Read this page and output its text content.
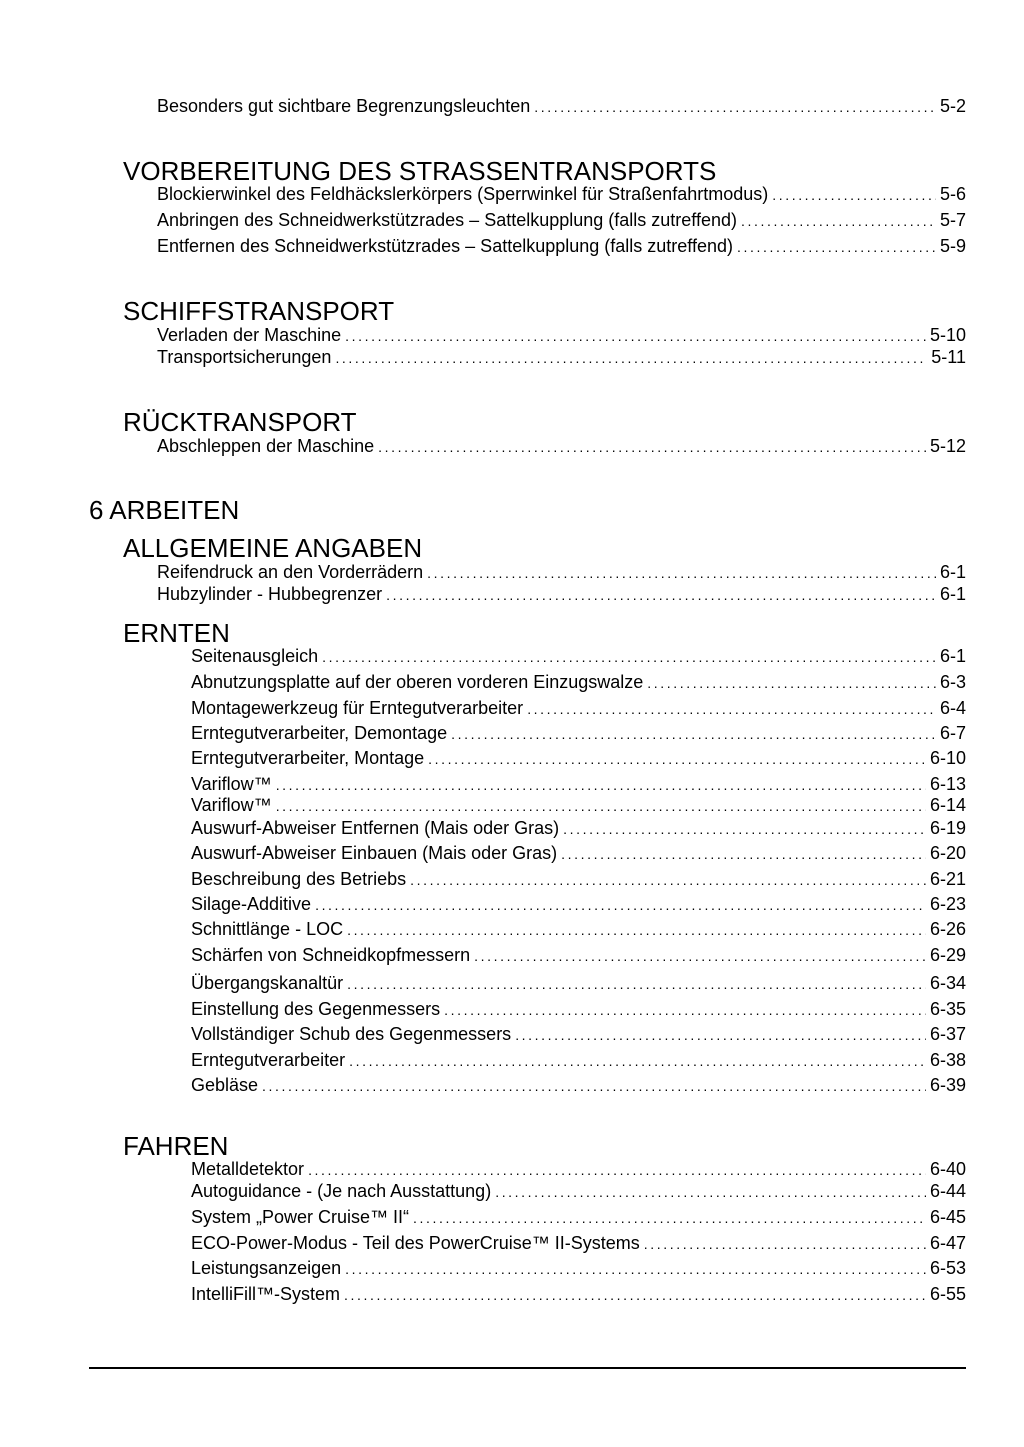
Besonders gut sichtbare Begrenzungsleuchten .....	5-2
VORBEREITUNG DES STRASSENTRANSPORTS
Blockierwinkel des Feldhäckslerkörpers (Sperrwinkel für Straßenfahrtmodus) .....	5-6
Anbringen des Schneidwerkstützrades – Sattelkupplung (falls zutreffend) .....	5-7
Entfernen des Schneidwerkstützrades – Sattelkupplung (falls zutreffend) .....	5-9
SCHIFFSTRANSPORT
Verladen der Maschine .....	5-10
Transportsicherungen .....	5-11
RÜCKTRANSPORT
Abschleppen der Maschine .....	5-12
6 ARBEITEN
ALLGEMEINE ANGABEN
Reifendruck an den Vorderrädern .....	6-1
Hubzylinder - Hubbegrenzer .....	6-1
ERNTEN
Seitenausgleich .....	6-1
Abnutzungsplatte auf der oberen vorderen Einzugswalze .....	6-3
Montagewerkzeug für Erntegutverarbeiter .....	6-4
Erntegutverarbeiter, Demontage .....	6-7
Erntegutverarbeiter, Montage .....	6-10
Variflow™ .....	6-13
Variflow™ .....	6-14
Auswurf-Abweiser Entfernen (Mais oder Gras) .....	6-19
Auswurf-Abweiser Einbauen (Mais oder Gras) .....	6-20
Beschreibung des Betriebs .....	6-21
Silage-Additive .....	6-23
Schnittlänge - LOC .....	6-26
Schärfen von Schneidkopfmessern .....	6-29
Übergangskanaltür .....	6-34
Einstellung des Gegenmessers .....	6-35
Vollständiger Schub des Gegenmessers .....	6-37
Erntegutverarbeiter .....	6-38
Gebläse .....	6-39
FAHREN
Metalldetektor .....	6-40
Autoguidance - (Je nach Ausstattung) .....	6-44
System „Power Cruise™ II“ .....	6-45
ECO-Power-Modus - Teil des PowerCruise™ II-Systems .....	6-47
Leistungsanzeigen .....	6-53
IntelliFill™-System .....	6-55
